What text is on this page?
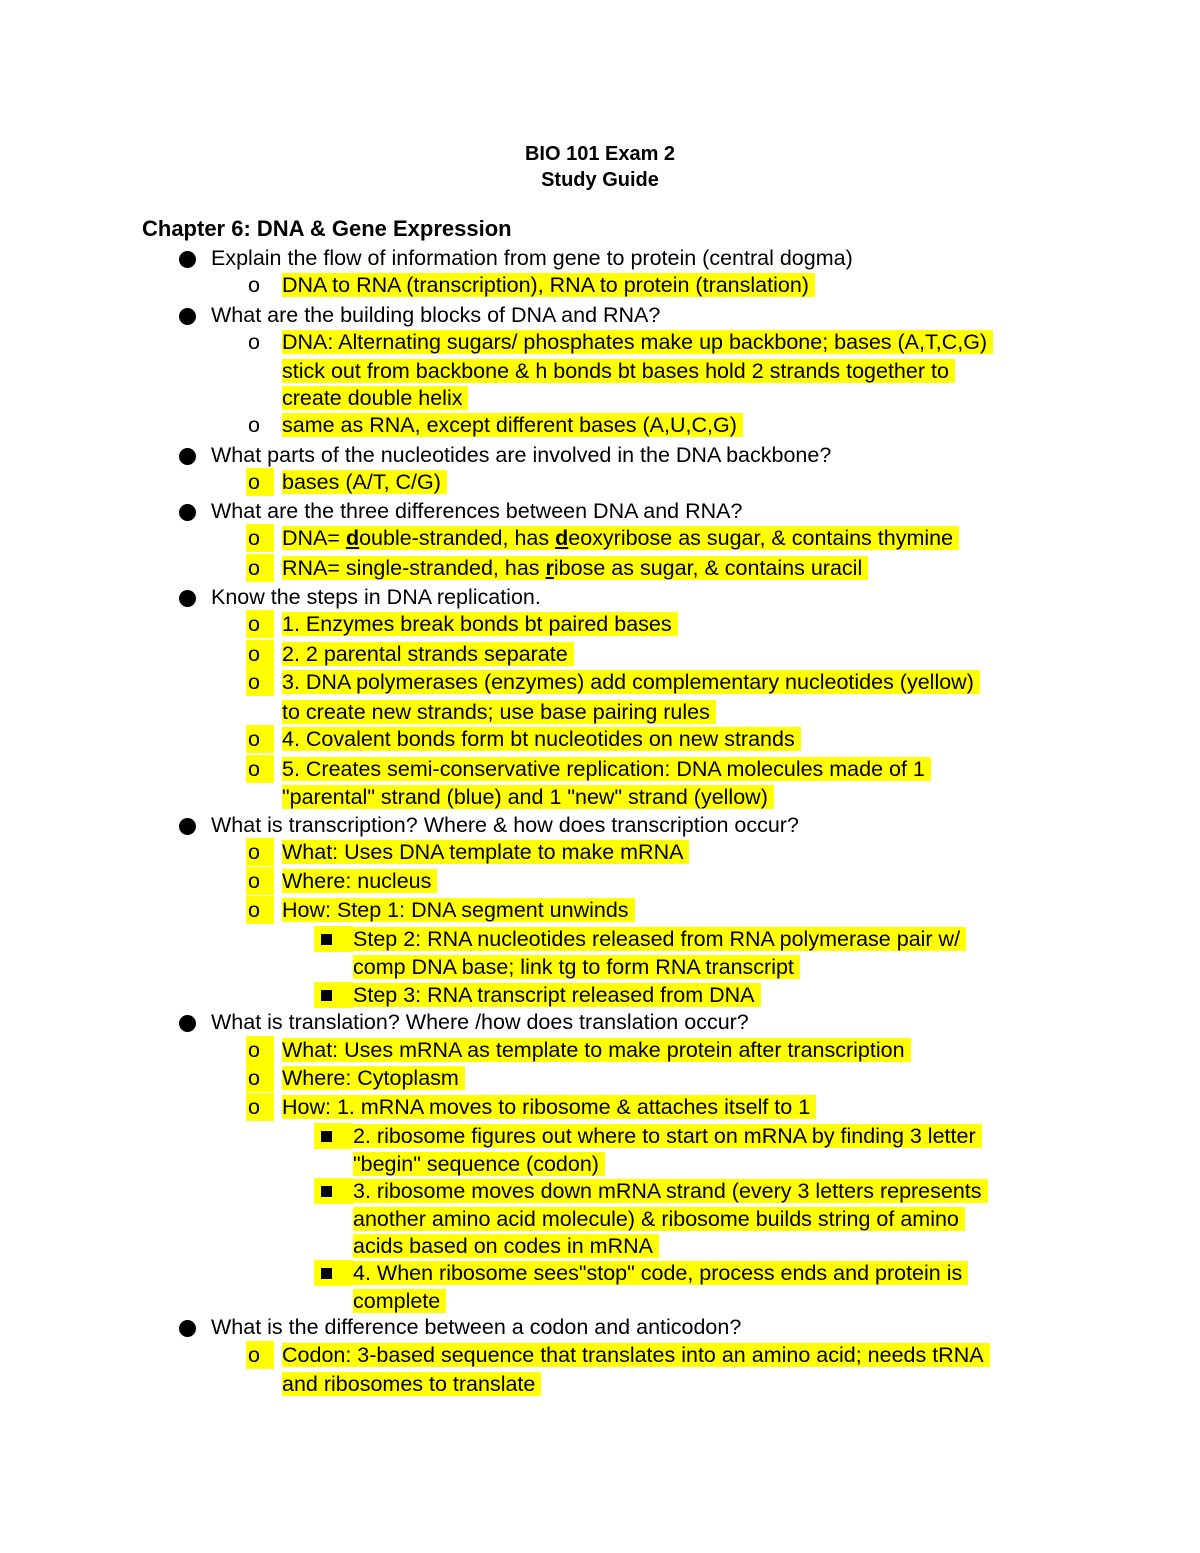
BIO 101 Exam 2
Study Guide
Chapter 6: DNA & Gene Expression
Explain the flow of information from gene to protein (central dogma)
o DNA to RNA (transcription), RNA to protein (translation)
What are the building blocks of DNA and RNA?
o DNA: Alternating sugars/ phosphates make up backbone; bases (A,T,C,G)
stick out from backbone & h bonds bt bases hold 2 strands together to
create double helix
o same as RNA, except different bases (A,U,C,G)
What parts of the nucleotides are involved in the DNA backbone?
o	bases (A/T, C/G)
What are the three differences between DNA and RNA?
o	DNA= double-stranded, has deoxyribose as sugar, & contains thymine
o	RNA= single-stranded, has ribose as sugar, & contains uracil
Know the steps in DNA replication.
o	1. Enzymes break bonds bt paired bases
o	2. 2 parental strands separate
o	3. DNA polymerases (enzymes) add complementary nucleotides (yellow)
to create new strands; use base pairing rules
o	4. Covalent bonds form bt nucleotides on new strands
o	5. Creates semi-conservative replication: DNA molecules made of 1
"parental" strand (blue) and 1 "new" strand (yellow)
What is transcription? Where & how does transcription occur?
o	What: Uses DNA template to make mRNA
o	Where: nucleus
o	How: Step 1: DNA segment unwinds
Step 2: RNA nucleotides released from RNA polymerase pair w/
comp DNA base; link tg to form RNA transcript
Step 3: RNA transcript released from DNA
What is translation? Where /how does translation occur?
o	What: Uses mRNA as template to make protein after transcription
o	Where: Cytoplasm
o	How: 1. mRNA moves to ribosome & attaches itself to 1
2. ribosome figures out where to start on mRNA by finding 3 letter
"begin" sequence (codon)
3. ribosome moves down mRNA strand (every 3 letters represents
another amino acid molecule) & ribosome builds string of amino
acids based on codes in mRNA
4. When ribosome sees"stop" code, process ends and protein is
complete
What is the difference between a codon and anticodon?
o	Codon: 3-based sequence that translates into an amino acid; needs tRNA
and ribosomes to translate
